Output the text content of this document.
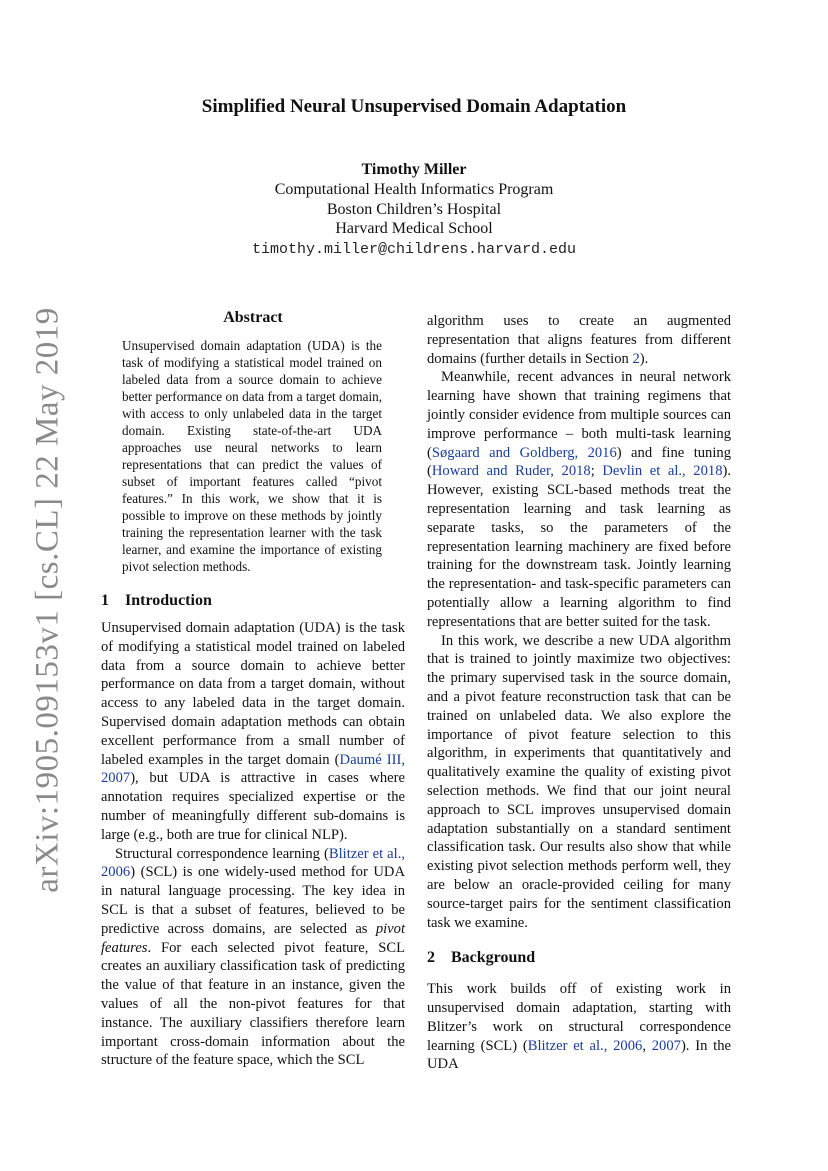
arXiv:1905.09153v1 [cs.CL] 22 May 2019
Simplified Neural Unsupervised Domain Adaptation
Timothy Miller
Computational Health Informatics Program
Boston Children’s Hospital
Harvard Medical School
timothy.miller@childrens.harvard.edu
Abstract

Unsupervised domain adaptation (UDA) is the task of modifying a statistical model trained on labeled data from a source domain to achieve better performance on data from a target domain, with access to only unlabeled data in the target domain. Existing state-of-the-art UDA approaches use neural networks to learn representations that can predict the values of subset of important features called “pivot features.” In this work, we show that it is possible to improve on these methods by jointly training the representation learner with the task learner, and examine the importance of existing pivot selection methods.

1 Introduction

Unsupervised domain adaptation (UDA) is the task of modifying a statistical model trained on labeled data from a source domain to achieve better performance on data from a target domain, without access to any labeled data in the target domain. Supervised domain adaptation methods can obtain excellent performance from a small number of labeled examples in the target domain (Daumé III, 2007), but UDA is attractive in cases where annotation requires specialized expertise or the number of meaningfully different sub-domains is large (e.g., both are true for clinical NLP).

Structural correspondence learning (Blitzer et al., 2006) (SCL) is one widely-used method for UDA in natural language processing. The key idea in SCL is that a subset of features, believed to be predictive across domains, are selected as pivot features. For each selected pivot feature, SCL creates an auxiliary classification task of predicting the value of that feature in an instance, given the values of all the non-pivot features for that instance. The auxiliary classifiers therefore learn important cross-domain information about the structure of the feature space, which the SCL

algorithm uses to create an augmented representation that aligns features from different domains (further details in Section 2).

Meanwhile, recent advances in neural network learning have shown that training regimens that jointly consider evidence from multiple sources can improve performance – both multi-task learning (Søgaard and Goldberg, 2016) and fine tuning (Howard and Ruder, 2018; Devlin et al., 2018). However, existing SCL-based methods treat the representation learning and task learning as separate tasks, so the parameters of the representation learning machinery are fixed before training for the downstream task. Jointly learning the representation- and task-specific parameters can potentially allow a learning algorithm to find representations that are better suited for the task.

In this work, we describe a new UDA algorithm that is trained to jointly maximize two objectives: the primary supervised task in the source domain, and a pivot feature reconstruction task that can be trained on unlabeled data. We also explore the importance of pivot feature selection to this algorithm, in experiments that quantitatively and qualitatively examine the quality of existing pivot selection methods. We find that our joint neural approach to SCL improves unsupervised domain adaptation substantially on a standard sentiment classification task. Our results also show that while existing pivot selection methods perform well, they are below an oracle-provided ceiling for many source-target pairs for the sentiment classification task we examine.

2 Background

This work builds off of existing work in unsupervised domain adaptation, starting with Blitzer’s work on structural correspondence learning (SCL) (Blitzer et al., 2006, 2007). In the UDA
